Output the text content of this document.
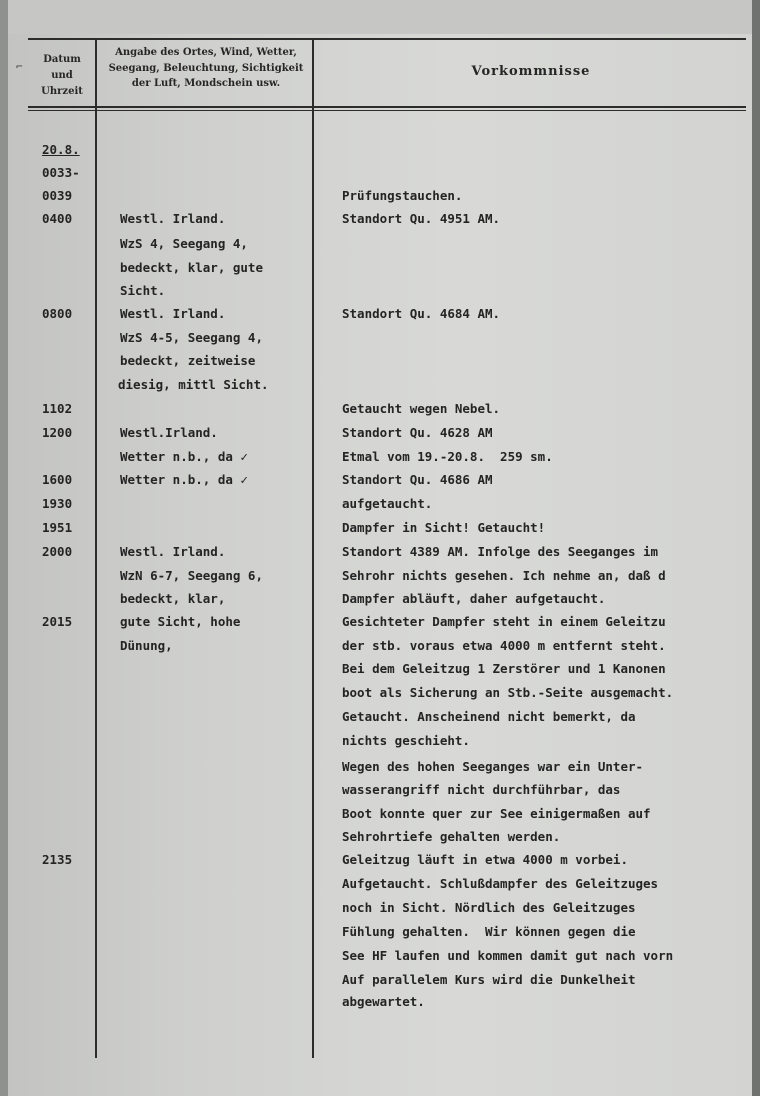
⌐
Datum
und
Uhrzeit
Angabe des Ortes, Wind, Wetter,
Seegang, Beleuchtung, Sichtigkeit
der Luft, Mondschein usw.
Vorkommnisse
20.8.
0033-
0039
0400
0800
1102
1200
1600
1930
1951
2000
2015
2135
Westl. Irland.
WzS 4, Seegang 4,
bedeckt, klar, gute
Sicht.
Westl. Irland.
WzS 4-5, Seegang 4,
bedeckt, zeitweise
diesig, mittl Sicht.
Westl.Irland.
Wetter n.b., da ✓
Wetter n.b., da ✓
Westl. Irland.
WzN 6-7, Seegang 6,
bedeckt, klar,
gute Sicht, hohe
Dünung,
Prüfungstauchen.
Standort Qu. 4951 AM.
Standort Qu. 4684 AM.
Getaucht wegen Nebel.
Standort Qu. 4628 AM
Etmal vom 19.-20.8.  259 sm.
Standort Qu. 4686 AM
aufgetaucht.
Dampfer in Sicht! Getaucht!
Standort 4389 AM. Infolge des Seeganges im
Sehrohr nichts gesehen. Ich nehme an, daß d
Dampfer abläuft, daher aufgetaucht.
Gesichteter Dampfer steht in einem Geleitzu
der stb. voraus etwa 4000 m entfernt steht.
Bei dem Geleitzug 1 Zerstörer und 1 Kanonen
boot als Sicherung an Stb.-Seite ausgemacht.
Getaucht. Anscheinend nicht bemerkt, da
nichts geschieht.
Wegen des hohen Seeganges war ein Unter-
wasserangriff nicht durchführbar, das
Boot konnte quer zur See einigermaßen auf
Sehrohrtiefe gehalten werden.
Geleitzug läuft in etwa 4000 m vorbei.
Aufgetaucht. Schlußdampfer des Geleitzuges
noch in Sicht. Nördlich des Geleitzuges
Fühlung gehalten.  Wir können gegen die
See HF laufen und kommen damit gut nach vorn
Auf parallelem Kurs wird die Dunkelheit
abgewartet.
